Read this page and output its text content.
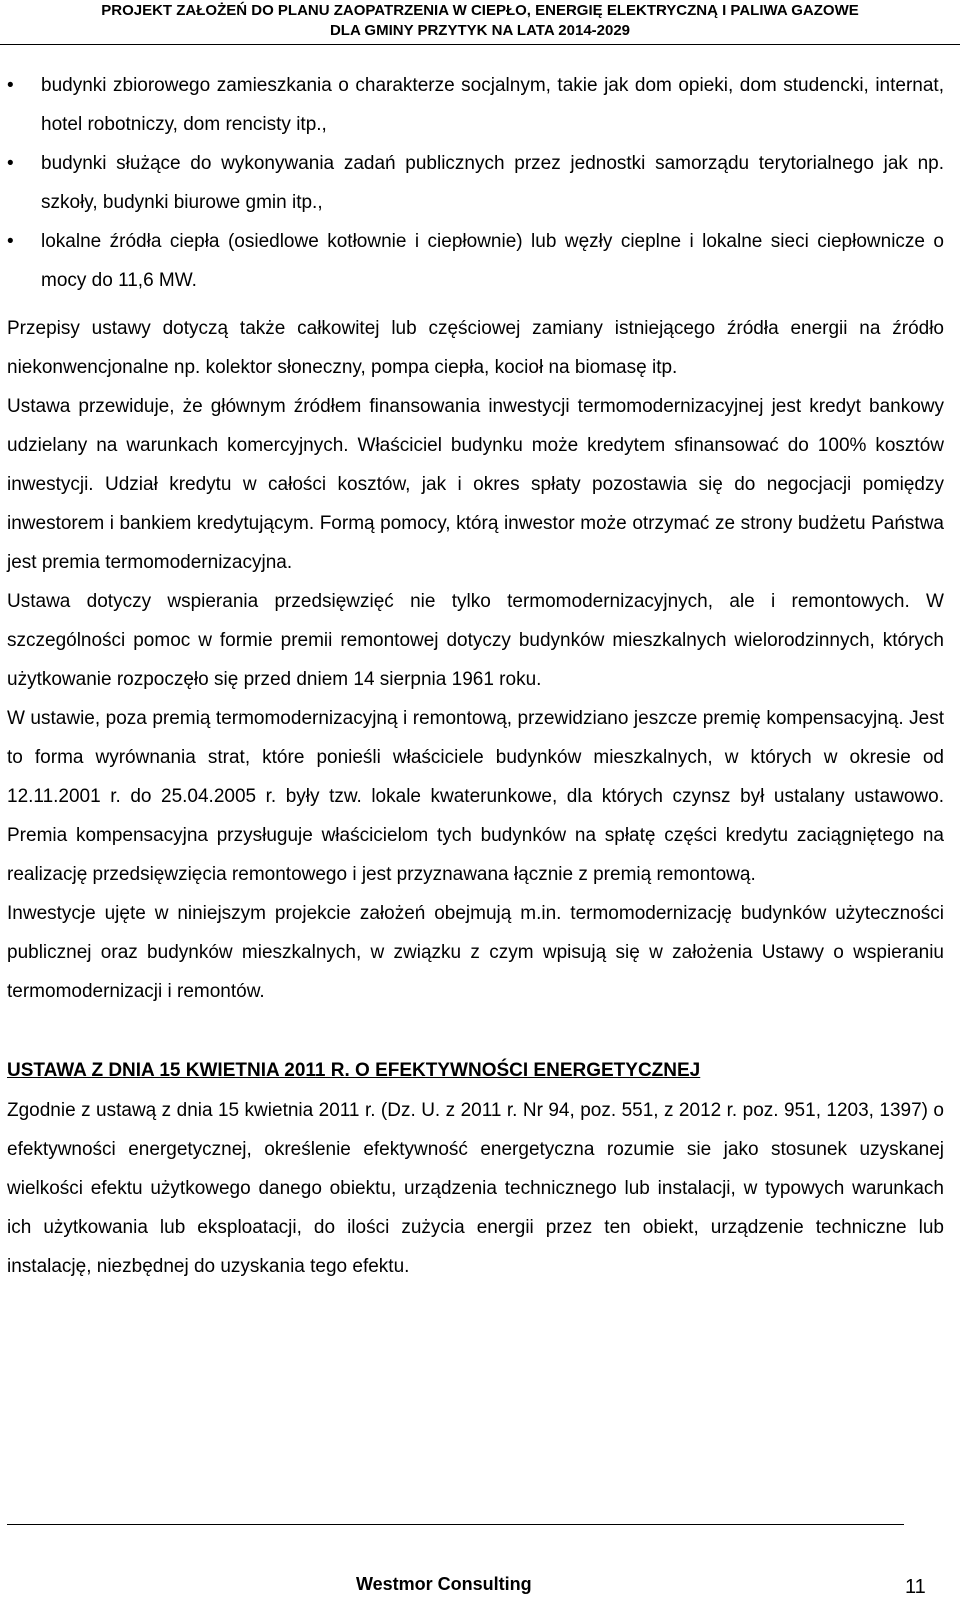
PROJEKT ZAŁOŻEŃ DO PLANU ZAOPATRZENIA W CIEPŁO, ENERGIĘ ELEKTRYCZNĄ I PALIWA GAZOWE
DLA GMINY PRZYTYK NA LATA 2014-2029
• budynki zbiorowego zamieszkania o charakterze socjalnym, takie jak dom opieki, dom studencki, internat, hotel robotniczy, dom rencisty itp.,
• budynki służące do wykonywania zadań publicznych przez jednostki samorządu terytorialnego jak np. szkoły, budynki biurowe gmin itp.,
• lokalne źródła ciepła (osiedlowe kotłownie i ciepłownie) lub węzły cieplne i lokalne sieci ciepłownicze o mocy do 11,6 MW.

Przepisy ustawy dotyczą także całkowitej lub częściowej zamiany istniejącego źródła energii na źródło niekonwencjonalne np. kolektor słoneczny, pompa ciepła, kocioł na biomasę itp.

Ustawa przewiduje, że głównym źródłem finansowania inwestycji termomodernizacyjnej jest kredyt bankowy udzielany na warunkach komercyjnych. Właściciel budynku może kredytem sfinansować do 100% kosztów inwestycji. Udział kredytu w całości kosztów, jak i okres spłaty pozostawia się do negocjacji pomiędzy inwestorem i bankiem kredytującym. Formą pomocy, którą inwestor może otrzymać ze strony budżetu Państwa jest premia termomodernizacyjna.

Ustawa dotyczy wspierania przedsięwzięć nie tylko termomodernizacyjnych, ale i remontowych. W szczególności pomoc w formie premii remontowej dotyczy budynków mieszkalnych wielorodzinnych, których użytkowanie rozpoczęło się przed dniem 14 sierpnia 1961 roku.

W ustawie, poza premią termomodernizacyjną i remontową, przewidziano jeszcze premię kompensacyjną. Jest to forma wyrównania strat, które ponieśli właściciele budynków mieszkalnych, w których w okresie od 12.11.2001 r. do 25.04.2005 r. były tzw. lokale kwaterunkowe, dla których czynsz był ustalany ustawowo. Premia kompensacyjna przysługuje właścicielom tych budynków na spłatę części kredytu zaciągniętego na realizację przedsięwzięcia remontowego i jest przyznawana łącznie z premią remontową.

Inwestycje ujęte w niniejszym projekcie założeń obejmują m.in. termomodernizację budynków użyteczności publicznej oraz budynków mieszkalnych, w związku z czym wpisują się w założenia Ustawy o wspieraniu termomodernizacji i remontów.

USTAWA Z DNIA 15 KWIETNIA 2011 R. O EFEKTYWNOŚCI ENERGETYCZNEJ

Zgodnie z ustawą z dnia 15 kwietnia 2011 r. (Dz. U. z 2011 r. Nr 94, poz. 551, z 2012 r. poz. 951, 1203, 1397) o efektywności energetycznej, określenie efektywność energetyczna rozumie sie jako stosunek uzyskanej wielkości efektu użytkowego danego obiektu, urządzenia technicznego lub instalacji, w typowych warunkach ich użytkowania lub eksploatacji, do ilości zużycia energii przez ten obiekt, urządzenie techniczne lub instalację, niezbędnej do uzyskania tego efektu.

Westmor Consulting	11
